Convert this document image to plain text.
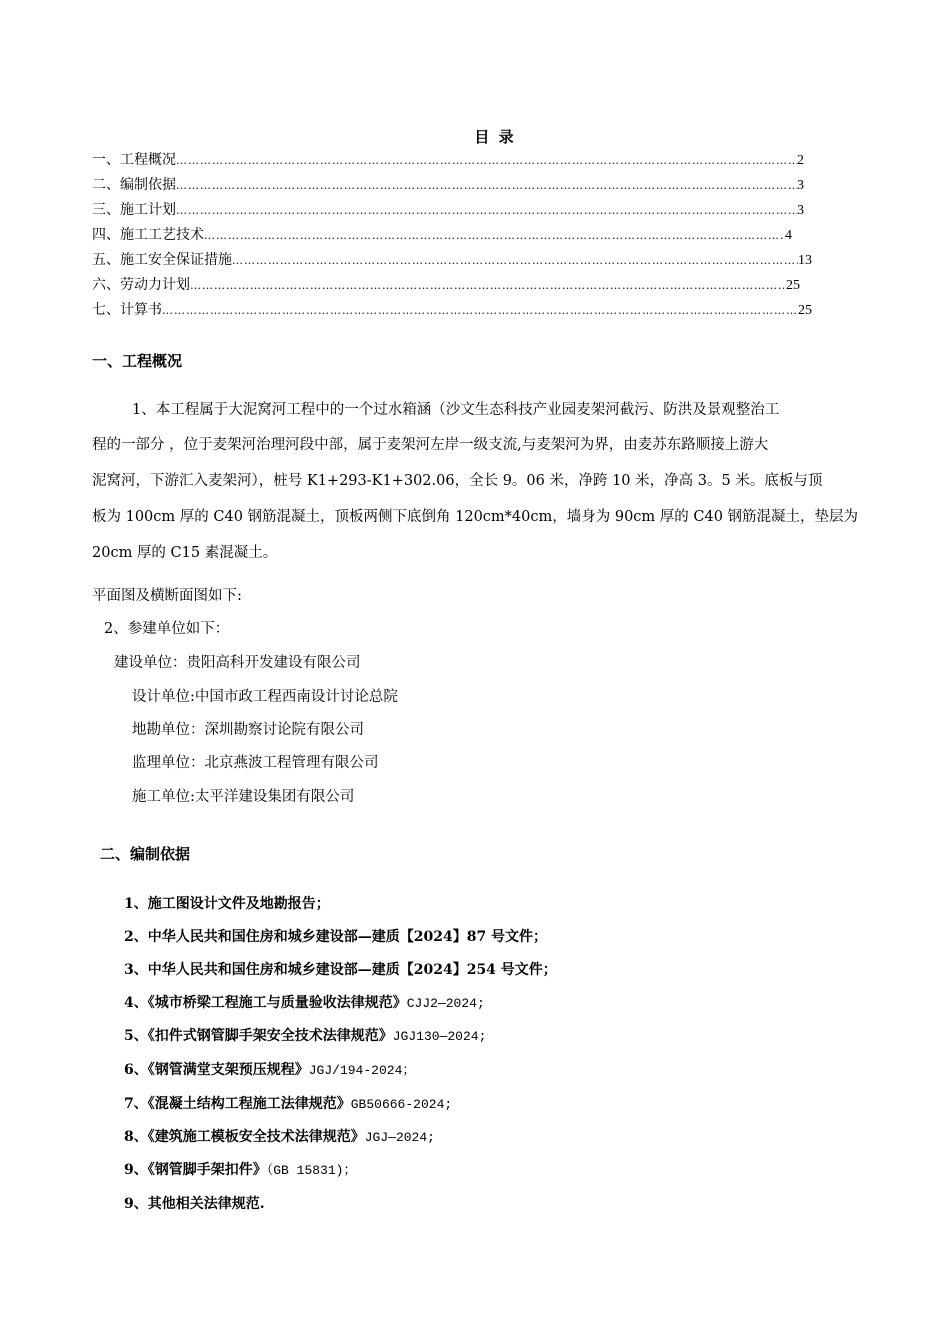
目 录
一、工程概况 …………………………………………………………………………………………………………………………………………………………………………………………………………………………………………………………	2
二、编制依据 …………………………………………………………………………………………………………………………………………………………………………………………………………………………………………………………	3
三、施工计划 …………………………………………………………………………………………………………………………………………………………………………………………………………………………………………………………	3
四、施工工艺技术 …………………………………………………………………………………………………………………………………………………………………………………………………………………………………………………………	4
五、施工安全保证措施 …………………………………………………………………………………………………………………………………………………………………………………………………………………………………………………………	13
六、劳动力计划 …………………………………………………………………………………………………………………………………………………………………………………………………………………………………………………………	25
七、计算书 …………………………………………………………………………………………………………………………………………………………………………………………………………………………………………………………	25
一、工程概况
1、本工程属于大泥窝河工程中的一个过水箱涵（沙文生态科技产业园麦架河截污、防洪及景观整治工
程的一部分 ，位于麦架河治理河段中部，属于麦架河左岸一级支流,与麦架河为界，由麦苏东路顺接上游大
泥窝河，下游汇入麦架河），桩号 K1+293-K1+302.06，全长 9。06 米，净跨 10 米，净高 3。5 米。底板与顶
板为 100cm 厚的 C40 钢筋混凝土，顶板两侧下底倒角 120cm*40cm，墙身为 90cm 厚的 C40 钢筋混凝土，垫层为
20cm 厚的 C15 素混凝土。
平面图及横断面图如下:
2、参建单位如下：
建设单位：贵阳高科开发建设有限公司
设计单位:中国市政工程西南设计讨论总院
地勘单位：深圳勘察讨论院有限公司
监理单位：北京燕波工程管理有限公司
施工单位:太平洋建设集团有限公司
二、编制依据
1、施工图设计文件及地勘报告；
2、中华人民共和国住房和城乡建设部—建质【2024】87 号文件；
3、中华人民共和国住房和城乡建设部—建质【2024】254 号文件；
4、《城市桥梁工程施工与质量验收法律规范》CJJ2—2024;
5、《扣件式钢管脚手架安全技术法律规范》JGJ130—2024;
6、《钢管满堂支架预压规程》JGJ/194-2024；
7、《混凝土结构工程施工法律规范》GB50666-2024;
8、《建筑施工模板安全技术法律规范》JGJ—2024;
9、《钢管脚手架扣件》（GB 15831)；
9、其他相关法律规范.
